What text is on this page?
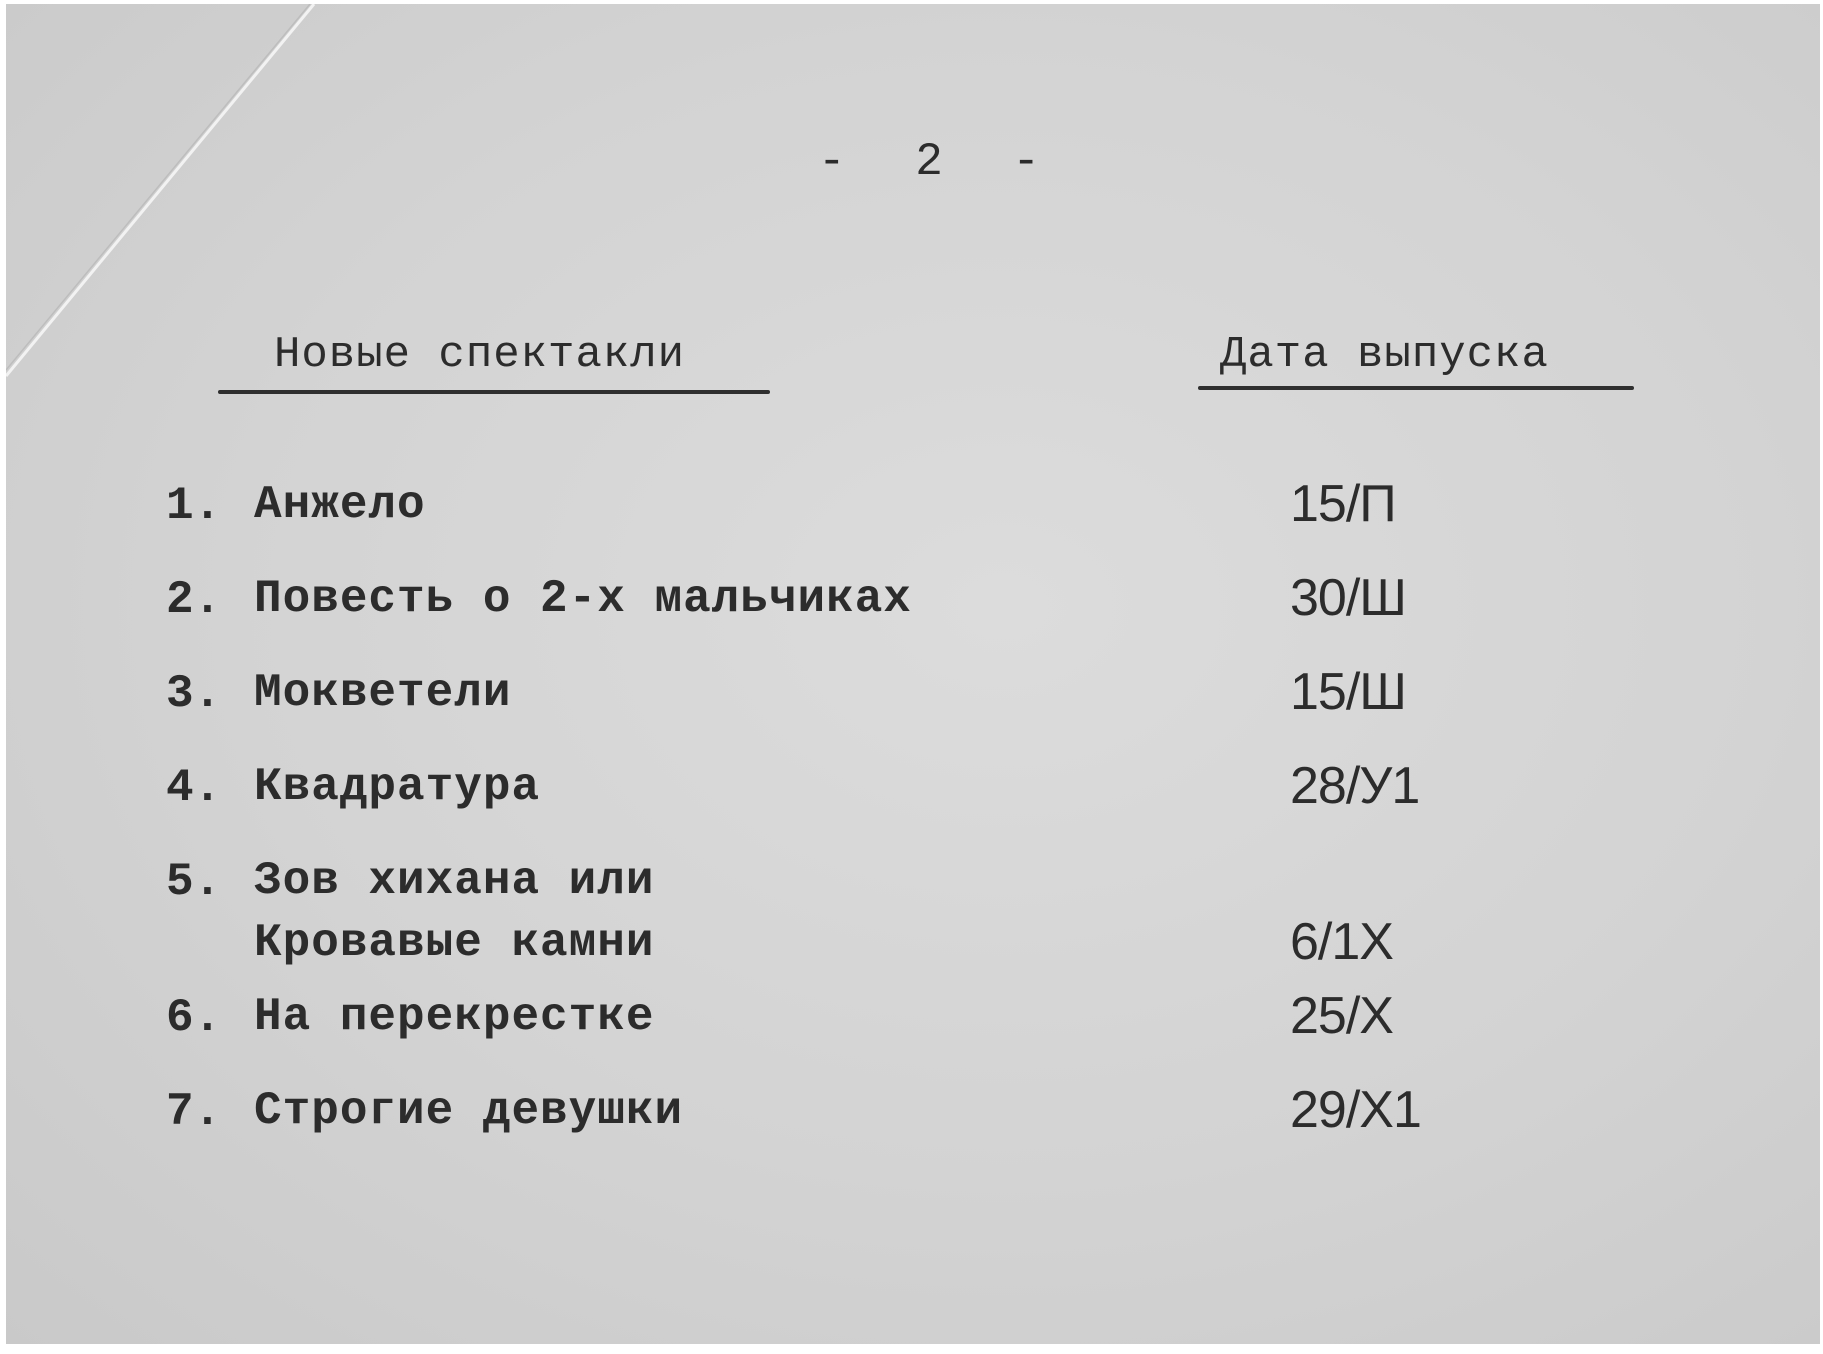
- 2 -
Новые спектакли	Дата выпуска
1. Анжело	15/П
2. Повесть о 2-х мальчиках	30/Ш
3. Мокветели	15/Ш
4. Квадратура	28/У1
5. Зов хихана или
Кровавые камни	6/1Х
6. На перекрестке	25/Х
7. Строгие девушки	29/Х1
